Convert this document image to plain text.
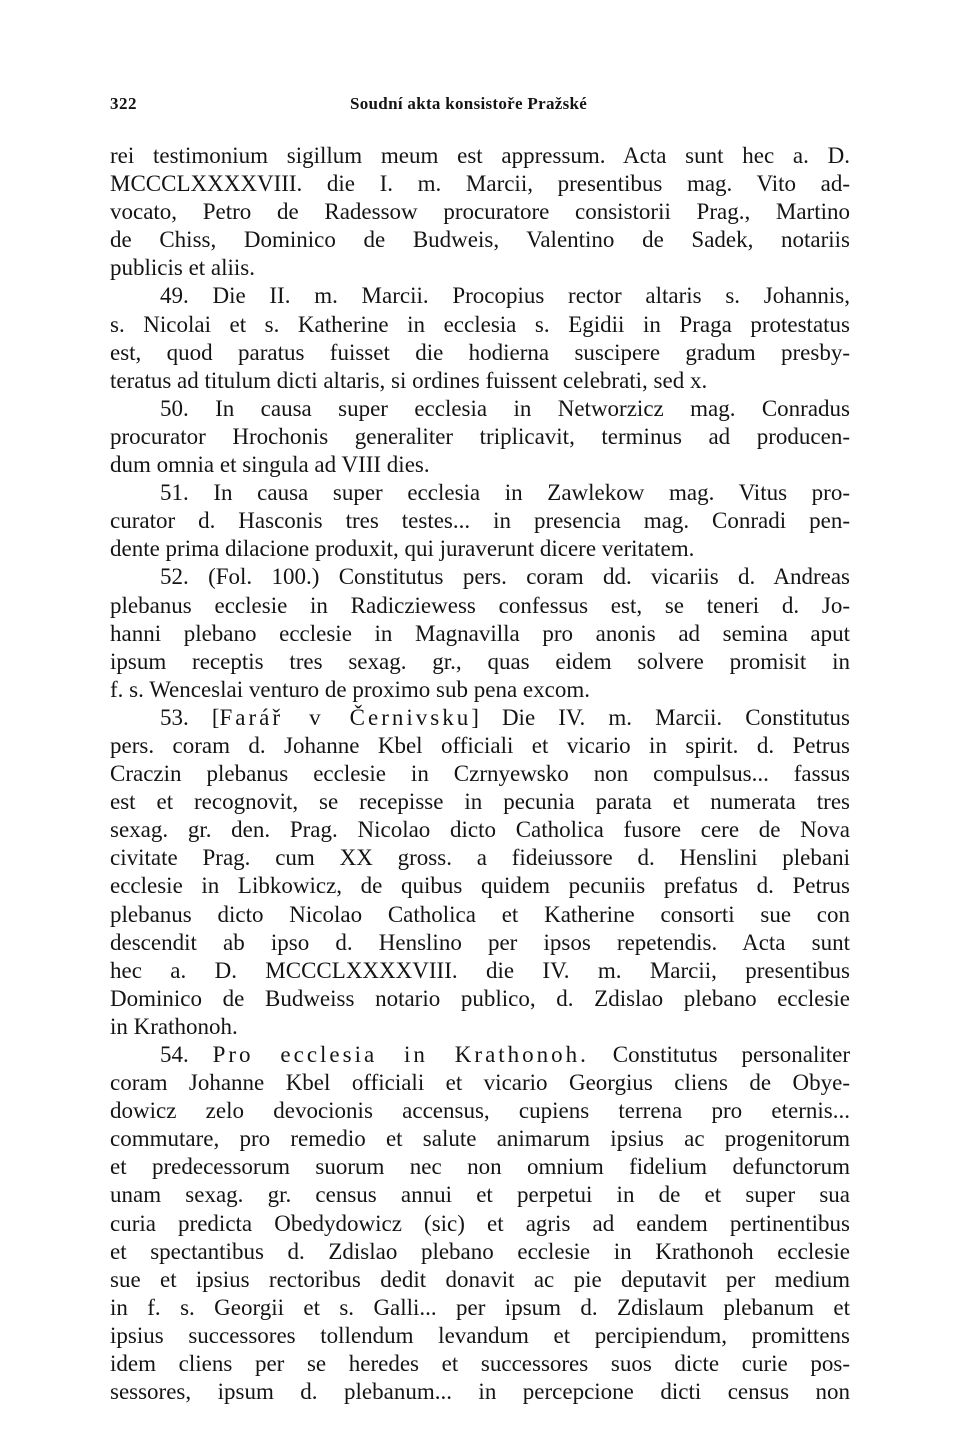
322	Soudní akta konsistoře Pražské
rei testimonium sigillum meum est appressum. Acta sunt hec a. D.
MCCCLXXXXVIII. die I. m. Marcii, presentibus mag. Vito ad-
vocato, Petro de Radessow procuratore consistorii Prag., Martino
de Chiss, Dominico de Budweis, Valentino de Sadek, notariis
publicis et aliis.
49. Die II. m. Marcii. Procopius rector altaris s. Johannis,
s. Nicolai et s. Katherine in ecclesia s. Egidii in Praga protestatus
est, quod paratus fuisset die hodierna suscipere gradum presby-
teratus ad titulum dicti altaris, si ordines fuissent celebrati, sed x.
50. In causa super ecclesia in Networzicz mag. Conradus
procurator Hrochonis generaliter triplicavit, terminus ad producen-
dum omnia et singula ad VIII dies.
51. In causa super ecclesia in Zawlekow mag. Vitus pro-
curator d. Hasconis tres testes... in presencia mag. Conradi pen-
dente prima dilacione produxit, qui juraverunt dicere veritatem.
52. (Fol. 100.) Constitutus pers. coram dd. vicariis d. Andreas
plebanus ecclesie in Radicziewess confessus est, se teneri d. Jo-
hanni plebano ecclesie in Magnavilla pro anonis ad semina aput
ipsum receptis tres sexag. gr., quas eidem solvere promisit in
f. s. Wenceslai venturo de proximo sub pena excom.
53. [Farář v Černivsku] Die IV. m. Marcii. Constitutus
pers. coram d. Johanne Kbel officiali et vicario in spirit. d. Petrus
Craczin plebanus ecclesie in Czrnyewsko non compulsus... fassus
est et recognovit, se recepisse in pecunia parata et numerata tres
sexag. gr. den. Prag. Nicolao dicto Catholica fusore cere de Nova
civitate Prag. cum XX gross. a fideiussore d. Henslini plebani
ecclesie in Libkowicz, de quibus quidem pecuniis prefatus d. Petrus
plebanus dicto Nicolao Catholica et Katherine consorti sue con
descendit ab ipso d. Henslino per ipsos repetendis. Acta sunt
hec a. D. MCCCLXXXXVIII. die IV. m. Marcii, presentibus
Dominico de Budweiss notario publico, d. Zdislao plebano ecclesie
in Krathonoh.
54. Pro ecclesia in Krathonoh. Constitutus personaliter
coram Johanne Kbel officiali et vicario Georgius cliens de Obye-
dowicz zelo devocionis accensus, cupiens terrena pro eternis...
commutare, pro remedio et salute animarum ipsius ac progenitorum
et predecessorum suorum nec non omnium fidelium defunctorum
unam sexag. gr. census annui et perpetui in de et super sua
curia predicta Obedydowicz (sic) et agris ad eandem pertinentibus
et spectantibus d. Zdislao plebano ecclesie in Krathonoh ecclesie
sue et ipsius rectoribus dedit donavit ac pie deputavit per medium
in f. s. Georgii et s. Galli... per ipsum d. Zdislaum plebanum et
ipsius successores tollendum levandum et percipiendum, promittens
idem cliens per se heredes et successores suos dicte curie pos-
sessores, ipsum d. plebanum... in percepcione dicti census non
